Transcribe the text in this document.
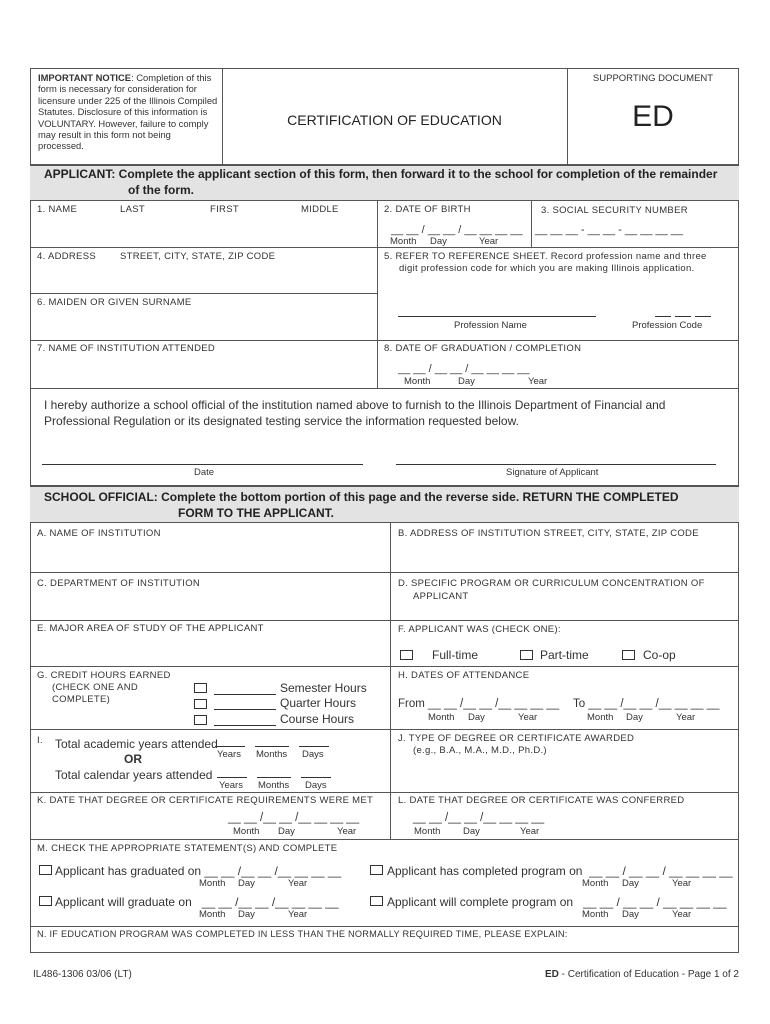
IMPORTANT NOTICE: Completion of this form is necessary for consideration for licensure under 225 of the Illinois Compiled Statutes. Disclosure of this information is VOLUNTARY. However, failure to comply may result in this form not being processed.
CERTIFICATION OF EDUCATION
SUPPORTING DOCUMENT
ED
APPLICANT: Complete the applicant section of this form, then forward it to the school for completion of the remainder
of the form.
1. NAME	LAST	FIRST	MIDDLE	2. DATE OF BIRTH
__ __ / __ __ / __ __ __ __
Month Day	Year
3. SOCIAL SECURITY NUMBER
__ __ __ - __ __ - __ __ __ __
4. ADDRESS	STREET, CITY, STATE, ZIP CODE	5. REFER TO REFERENCE SHEET. Record profession name and three
digit profession code for which you are making Illinois application.
Profession Name	Profession Code
6. MAIDEN OR GIVEN SURNAME
7. NAME OF INSTITUTION ATTENDED	8. DATE OF GRADUATION / COMPLETION
__ __ / __ __ / __ __ __ __
Month	Day	Year
I hereby authorize a school official of the institution named above to furnish to the Illinois Department of Financial and
Professional Regulation or its designated testing service the information requested below.
Date	Signature of Applicant
SCHOOL OFFICIAL: Complete the bottom portion of this page and the reverse side. RETURN THE COMPLETED
FORM TO THE APPLICANT.
A. NAME OF INSTITUTION	B. ADDRESS OF INSTITUTION STREET, CITY, STATE, ZIP CODE
C. DEPARTMENT OF INSTITUTION	D. SPECIFIC PROGRAM OR CURRICULUM CONCENTRATION OF
APPLICANT
E. MAJOR AREA OF STUDY OF THE APPLICANT	F. APPLICANT WAS (CHECK ONE):
Full-time	Part-time	Co-op
G. CREDIT HOURS EARNED
(CHECK ONE AND
COMPLETE)
Semester Hours
Quarter Hours
Course Hours
H. DATES OF ATTENDANCE
From __ __ /__ __ /__ __ __ __
Month Day	Year
To __ __ /__ __ /__ __ __ __
Month Day	Year
I. Total academic years attended
Years Months Days
OR
Total calendar years attended
Years Months Days
J. TYPE OF DEGREE OR CERTIFICATE AWARDED
(e.g., B.A., M.A., M.D., Ph.D.)
K. DATE THAT DEGREE OR CERTIFICATE REQUIREMENTS WERE MET
__ __ /__ __ /__ __ __ __
Month Day	Year
L. DATE THAT DEGREE OR CERTIFICATE WAS CONFERRED
__ __ /__ __ /__ __ __ __
Month Day	Year
M. CHECK THE APPROPRIATE STATEMENT(S) AND COMPLETE
Applicant has graduated on __ __ /__ __ /__ __ __ __
Month Day	Year
Applicant has completed program on  __ __ / __ __ / __ __ __ __
Month Day	Year
Applicant will graduate on   __ __ /__ __ /__ __ __ __
Month Day	Year
Applicant will complete program on   __ __ / __ __ / __ __ __ __
Month Day	Year
N. IF EDUCATION PROGRAM WAS COMPLETED IN LESS THAN THE NORMALLY REQUIRED TIME, PLEASE EXPLAIN:
IL486-1306 03/06 (LT)	ED - Certification of Education - Page 1 of 2
